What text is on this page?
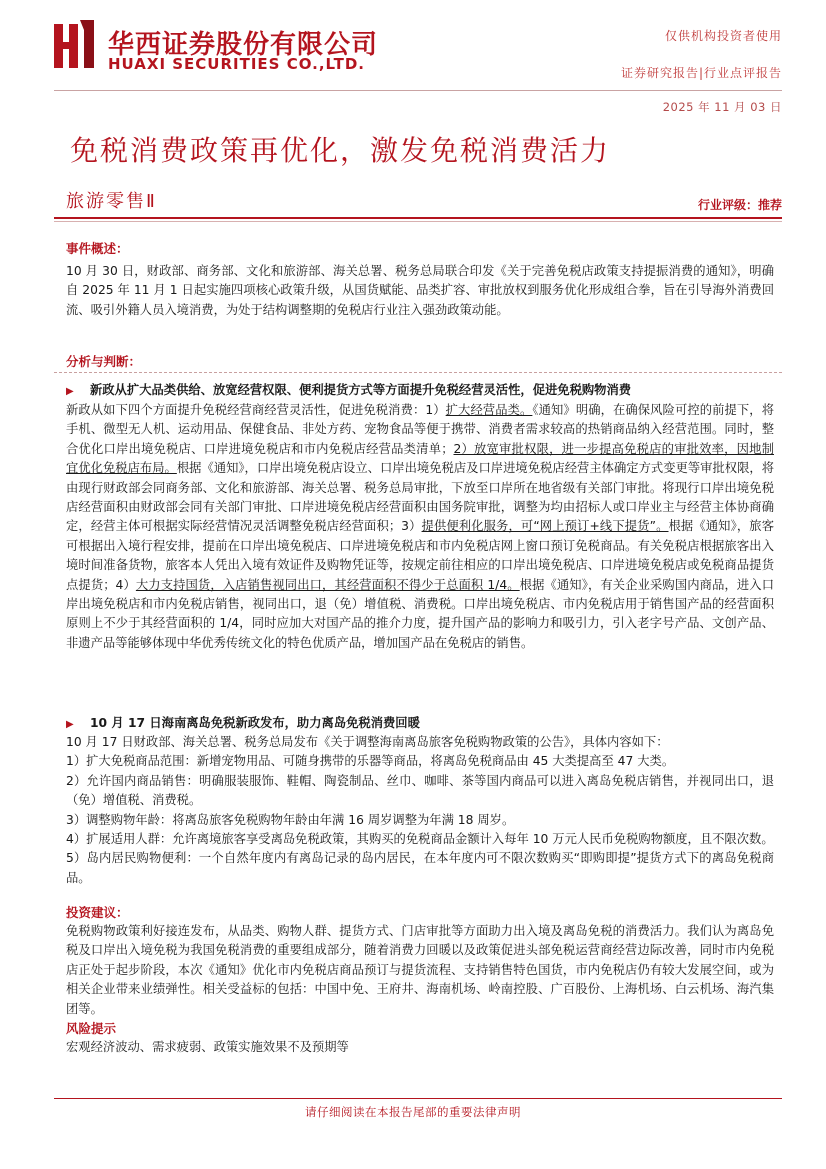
华西证券股份有限公司
HUAXI SECURITIES CO.,LTD.
仅供机构投资者使用
证券研究报告|行业点评报告
2025 年 11 月 03 日
免税消费政策再优化，激发免税消费活力
旅游零售Ⅱ	行业评级：推荐
事件概述：

10 月 30 日，财政部、商务部、文化和旅游部、海关总署、税务总局联合印发《关于完善免税店政策支持提振消费的通知》，明确自 2025 年 11 月 1 日起实施四项核心政策升级，从国货赋能、品类扩容、审批放权到服务优化形成组合拳，旨在引导海外消费回流、吸引外籍人员入境消费，为处于结构调整期的免税店行业注入强劲政策动能。

分析与判断：
▶ 新政从扩大品类供给、放宽经营权限、便利提货方式等方面提升免税经营灵活性，促进免税购物消费

新政从如下四个方面提升免税经营商经营灵活性，促进免税消费：1）扩大经营品类。《通知》明确，在确保风险可控的前提下，将手机、微型无人机、运动用品、保健食品、非处方药、宠物食品等便于携带、消费者需求较高的热销商品纳入经营范围。同时，整合优化口岸出境免税店、口岸进境免税店和市内免税店经营品类清单；2）放宽审批权限，进一步提高免税店的审批效率，因地制宜优化免税店布局。根据《通知》，口岸出境免税店设立、口岸出境免税店及口岸进境免税店经营主体确定方式变更等审批权限，将由现行财政部会同商务部、文化和旅游部、海关总署、税务总局审批，下放至口岸所在地省级有关部门审批。将现行口岸出境免税店经营面积由财政部会同有关部门审批、口岸进境免税店经营面积由国务院审批，调整为均由招标人或口岸业主与经营主体协商确定，经营主体可根据实际经营情况灵活调整免税店经营面积；3）提供便利化服务，可“网上预订+线下提货”。根据《通知》，旅客可根据出入境行程安排，提前在口岸出境免税店、口岸进境免税店和市内免税店网上窗口预订免税商品。有关免税店根据旅客出入境时间准备货物，旅客本人凭出入境有效证件及购物凭证等，按规定前往相应的口岸出境免税店、口岸进境免税店或免税商品提货点提货；4）大力支持国货，入店销售视同出口，其经营面积不得少于总面积 1/4。根据《通知》，有关企业采购国内商品，进入口岸出境免税店和市内免税店销售，视同出口，退（免）增值税、消费税。口岸出境免税店、市内免税店用于销售国产品的经营面积原则上不少于其经营面积的 1/4，同时应加大对国产品的推介力度，提升国产品的影响力和吸引力，引入老字号产品、文创产品、非遗产品等能够体现中华优秀传统文化的特色优质产品，增加国产品在免税店的销售。

▶ 10 月 17 日海南离岛免税新政发布，助力离岛免税消费回暖

10 月 17 日财政部、海关总署、税务总局发布《关于调整海南离岛旅客免税购物政策的公告》，具体内容如下：

1）扩大免税商品范围：新增宠物用品、可随身携带的乐器等商品，将离岛免税商品由 45 大类提高至 47 大类。

2）允许国内商品销售：明确服装服饰、鞋帽、陶瓷制品、丝巾、咖啡、茶等国内商品可以进入离岛免税店销售，并视同出口，退（免）增值税、消费税。

3）调整购物年龄：将离岛旅客免税购物年龄由年满 16 周岁调整为年满 18 周岁。

4）扩展适用人群：允许离境旅客享受离岛免税政策，其购买的免税商品金额计入每年 10 万元人民币免税购物额度，且不限次数。

5）岛内居民购物便利：一个自然年度内有离岛记录的岛内居民，在本年度内可不限次数购买“即购即提”提货方式下的离岛免税商品。

投资建议：

免税购物政策利好接连发布，从品类、购物人群、提货方式、门店审批等方面助力出入境及离岛免税的消费活力。我们认为离岛免税及口岸出入境免税为我国免税消费的重要组成部分，随着消费力回暖以及政策促进头部免税运营商经营边际改善，同时市内免税店正处于起步阶段，本次《通知》优化市内免税店商品预订与提货流程、支持销售特色国货，市内免税店仍有较大发展空间，或为相关企业带来业绩弹性。相关受益标的包括：中国中免、王府井、海南机场、岭南控股、广百股份、上海机场、白云机场、海汽集团等。

风险提示

宏观经济波动、需求疲弱、政策实施效果不及预期等

请仔细阅读在本报告尾部的重要法律声明
